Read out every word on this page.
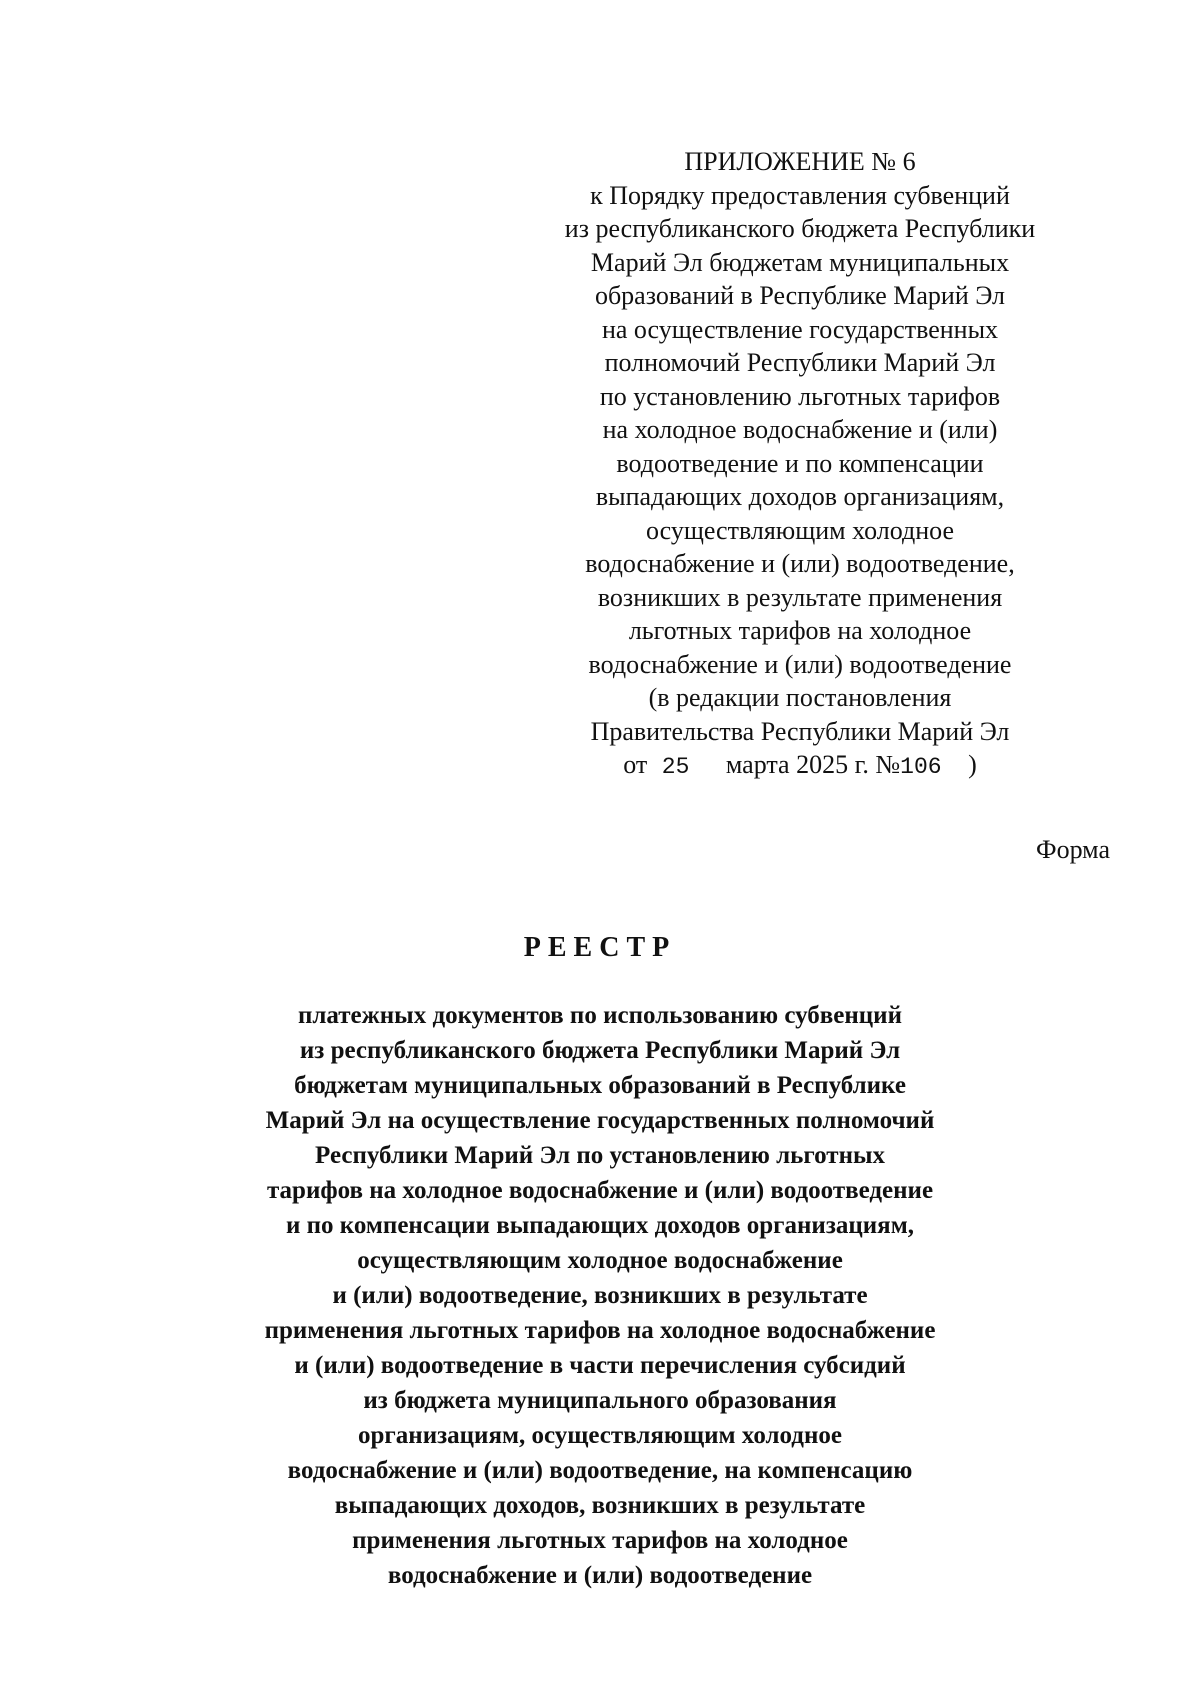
ПРИЛОЖЕНИЕ № 6
к Порядку предоставления субвенций
из республиканского бюджета Республики
Марий Эл бюджетам муниципальных
образований в Республике Марий Эл
на осуществление государственных
полномочий Республики Марий Эл
по установлению льготных тарифов
на холодное водоснабжение и (или)
водоотведение и по компенсации
выпадающих доходов организациям,
осуществляющим холодное
водоснабжение и (или) водоотведение,
возникших в результате применения
льготных тарифов на холодное
водоснабжение и (или) водоотведение
(в редакции постановления
Правительства Республики Марий Эл
от 25 марта 2025 г. №106 )
Форма
РЕЕСТР
платежных документов по использованию субвенций
из республиканского бюджета Республики Марий Эл
бюджетам муниципальных образований в Республике
Марий Эл на осуществление государственных полномочий
Республики Марий Эл по установлению льготных
тарифов на холодное водоснабжение и (или) водоотведение
и по компенсации выпадающих доходов организациям,
осуществляющим холодное водоснабжение
и (или) водоотведение, возникших в результате
применения льготных тарифов на холодное водоснабжение
и (или) водоотведение в части перечисления субсидий
из бюджета муниципального образования
организациям, осуществляющим холодное
водоснабжение и (или) водоотведение, на компенсацию
выпадающих доходов, возникших в результате
применения льготных тарифов на холодное
водоснабжение и (или) водоотведение
